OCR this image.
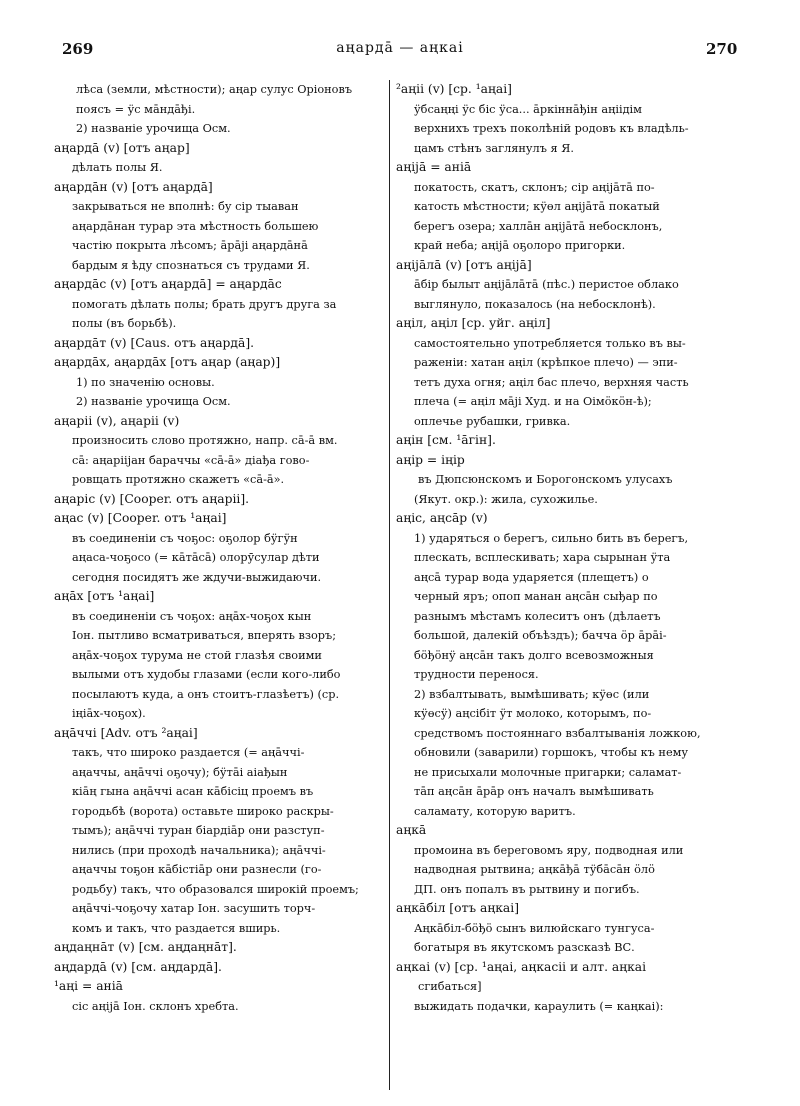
269	аңардā — аңкаі	270
лѣса (земли, мѣстности); аңар сулус Оріоновъ
поясъ = ӱс мāндāђі.
2) названіе урочища Осм.
аңардā (v) [отъ аңар]
дѣлать полы Я.
аңардāн (v) [отъ аңардā]
закрываться не вполнѣ: бу сір тыаван
аңардāнан турар эта мѣстность большею
частію покрыта лѣсомъ; āрāјі аңардāнā
бардым я ѣду спознаться съ трудами Я.
аңардāс (v) [отъ аңардā] = аңардāс
помогать дѣлать полы; брать другъ друга за
полы (въ борьбѣ).
аңардāт (v) [Caus. отъ аңардā].
аңардāх, аңардāх [отъ аңар (аңар)]
1) по значенію основы.
2) названіе урочища Осм.
аңаріі (v), аңаріі (v)
произносить слово протяжно, напр. сā-ā вм.
сā: аңарііјан бараччы «сā-ā» діађа гово-
ровщать протяжно скажетъ «сā-ā».
аңаріс (v) [Cooper. отъ аңаріі].
аңас (v) [Cooper. отъ ¹аңаі]
въ соединеніи съ чоҕос: оҕолор бӱгӱн
аңаса-чоҕосо (= кāтāсā) олорӯсулар дѣти
сегодня посидятъ же ждучи-выжидаючи.
аңāх [отъ ¹аңаі]
въ соединеніи съ чоҕох: аңāх-чоҕох кын
Іон. пытливо всматриваться, вперять взоръ;
аңāх-чоҕох турума не стой глазѣя своими
вылыми отъ худобы глазами (если кого-либо
посылаютъ куда, а онъ стоитъ-глазѣетъ) (ср.
іңіāх-чоҕох).
аңāччі [Adv. отъ ²аңаі]
такъ, что широко раздается (= аңāччі-
аңаччы, аңāччі оҕочу); бӱтāі аіађын
кіāң гына аңāччі асан кāбісіц проемъ въ
городьбѣ (ворота) оставьте широко раскры-
тымъ); аңāччі туран біардіāр они разступ-
нились (при проходѣ начальника); аңāччі-
аңаччы тоҕон кāбістіāр они разнесли (го-
родьбу) такъ, что образовался широкій проемъ;
аңāччі-чоҕочу хатар Іон. засушить торч-
комъ и такъ, что раздается вширь.
аңдаңнāт (v) [см. аңдаңнāт].
аңдардā (v) [см. аңдардā].
¹аңі = аніā
сіс аңіјā Іон. склонъ хребта.
²аңіі (v) [ср. ¹аңаі]
ӱбсаңңі ӱс біс ӱса... āркіннāђін аңіідім
верхнихъ трехъ поколѣній родовъ къ владѣль-
цамъ стѣнъ заглянулъ я Я.
аңіјā = аніā
покатость, скатъ, склонъ; сір аңіјāтā по-
катость мѣстности; кӱөл аңіјāтā покатый
берегъ озера; халлāн аңіјāтā небосклонъ,
край неба; аңіјā оҕолоро пригорки.
аңіјāлā (v) [отъ аңіјā]
āбір былыт аңіјāлāтā (пѣс.) перистое облако
выглянуло, показалось (на небосклонѣ).
аңіл, аңіл [ср. уйг. аңіл]
самостоятельно употребляется только въ вы-
раженіи: хатан аңіл (крѣпкое плечо) — эпи-
тетъ духа огня; аңіл бас плечо, верхняя часть
плеча (= аңіл мāјі Худ. и на Оімӧкӧн-ѣ);
оплечье рубашки, гривка.
аңін [см. ¹āгін].
аңір = іңір
въ Дюпсюнскомъ и Борогонскомъ улусахъ
(Якут. окр.): жила, сухожилье.
аңіс, аңсāр (v)
1) ударяться о берегъ, сильно бить въ берегъ,
плескать, всплескивать; хара сырынан ӱта
аңсā турар вода ударяется (плещетъ) о
черный яръ; опоп манан аңсāн сыђар по
разнымъ мѣстамъ колеситъ онъ (дѣлаетъ
большой, далекій объѣздъ); бачча ӧр āрāі-
бӧђӧнӱ аңсāн такъ долго всевозможныя
трудности перенося.
2) взбалтывать, вымѣшивать; кӱөс (или
кӱөсӱ) аңсібіт ӱт молоко, которымъ, по-
средствомъ постояннаго взбалтыванія ложкою,
обновили (заварили) горшокъ, чтобы къ нему
не присыхали молочные пригарки; саламат-
тāп аңсāн āрāр онъ началъ вымѣшивать
саламату, которую варитъ.
аңкā
промоина въ береговомъ яру, подводная или
надводная рытвина; аңкāђā тӱбāсāн ӧлӧ
ДП. онъ попалъ въ рытвину и погибъ.
аңкāбіл [отъ аңкаі]
Аңкāбіл-бӧђӧ сынъ вилюйскаго тунгуса-
богатыря въ якутскомъ разсказѣ ВС.
аңкаі (v) [ср. ¹аңаі, аңкасіі и алт. аңкаі
сгибаться]
выжидать подачки, караулить (= каңкаі):
